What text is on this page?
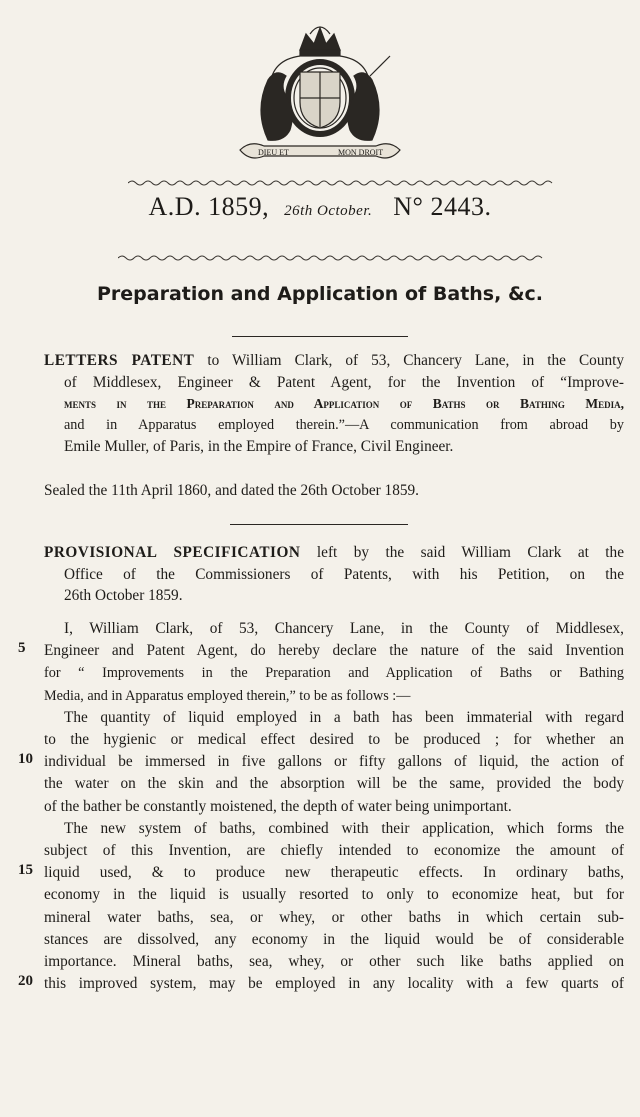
DIEU ET	MON DROIT
A.D. 1859, 26th October. N° 2443.
Preparation and Application of Baths, &c.

LETTERS PATENT to William Clark, of 53, Chancery Lane, in the County

of Middlesex, Engineer & Patent Agent, for the Invention of “Improve-

ments in the Preparation and Application of Baths or Bathing Media,

and in Apparatus employed therein.”—A communication from abroad by

Emile Muller, of Paris, in the Empire of France, Civil Engineer.

Sealed the 11th April 1860, and dated the 26th October 1859.

PROVISIONAL SPECIFICATION left by the said William Clark at the

Office of the Commissioners of Patents, with his Petition, on the

26th October 1859.

I, William Clark, of 53, Chancery Lane, in the County of Middlesex,

Engineer and Patent Agent, do hereby declare the nature of the said Invention

for “ Improvements in the Preparation and Application of Baths or Bathing

Media, and in Apparatus employed therein,” to be as follows :—

The quantity of liquid employed in a bath has been immaterial with regard

to the hygienic or medical effect desired to be produced ; for whether an

individual be immersed in five gallons or fifty gallons of liquid, the action of

the water on the skin and the absorption will be the same, provided the body

of the bather be constantly moistened, the depth of water being unimportant.

The new system of baths, combined with their application, which forms the

subject of this Invention, are chiefly intended to economize the amount of

liquid used, & to produce new therapeutic effects. In ordinary baths,

economy in the liquid is usually resorted to only to economize heat, but for

mineral water baths, sea, or whey, or other baths in which certain sub-

stances are dissolved, any economy in the liquid would be of considerable

importance. Mineral baths, sea, whey, or other such like baths applied on

this improved system, may be employed in any locality with a few quarts of

5
10
15
20
